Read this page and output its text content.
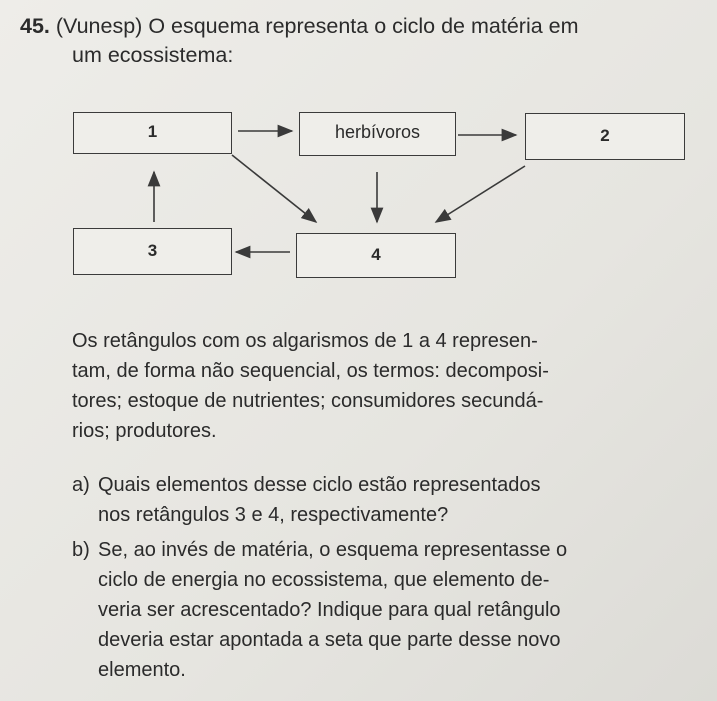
45. (Vunesp) O esquema representa o ciclo de matéria em
um ecossistema:
1	herbívoros	2
3	4
Os retângulos com os algarismos de 1 a 4 represen-
tam, de forma não sequencial, os termos: decomposi-
tores; estoque de nutrientes; consumidores secundá-
rios; produtores.
a) Quais elementos desse ciclo estão representados
nos retângulos 3 e 4, respectivamente?
b) Se, ao invés de matéria, o esquema representasse o
ciclo de energia no ecossistema, que elemento de-
veria ser acrescentado? Indique para qual retângulo
deveria estar apontada a seta que parte desse novo
elemento.
